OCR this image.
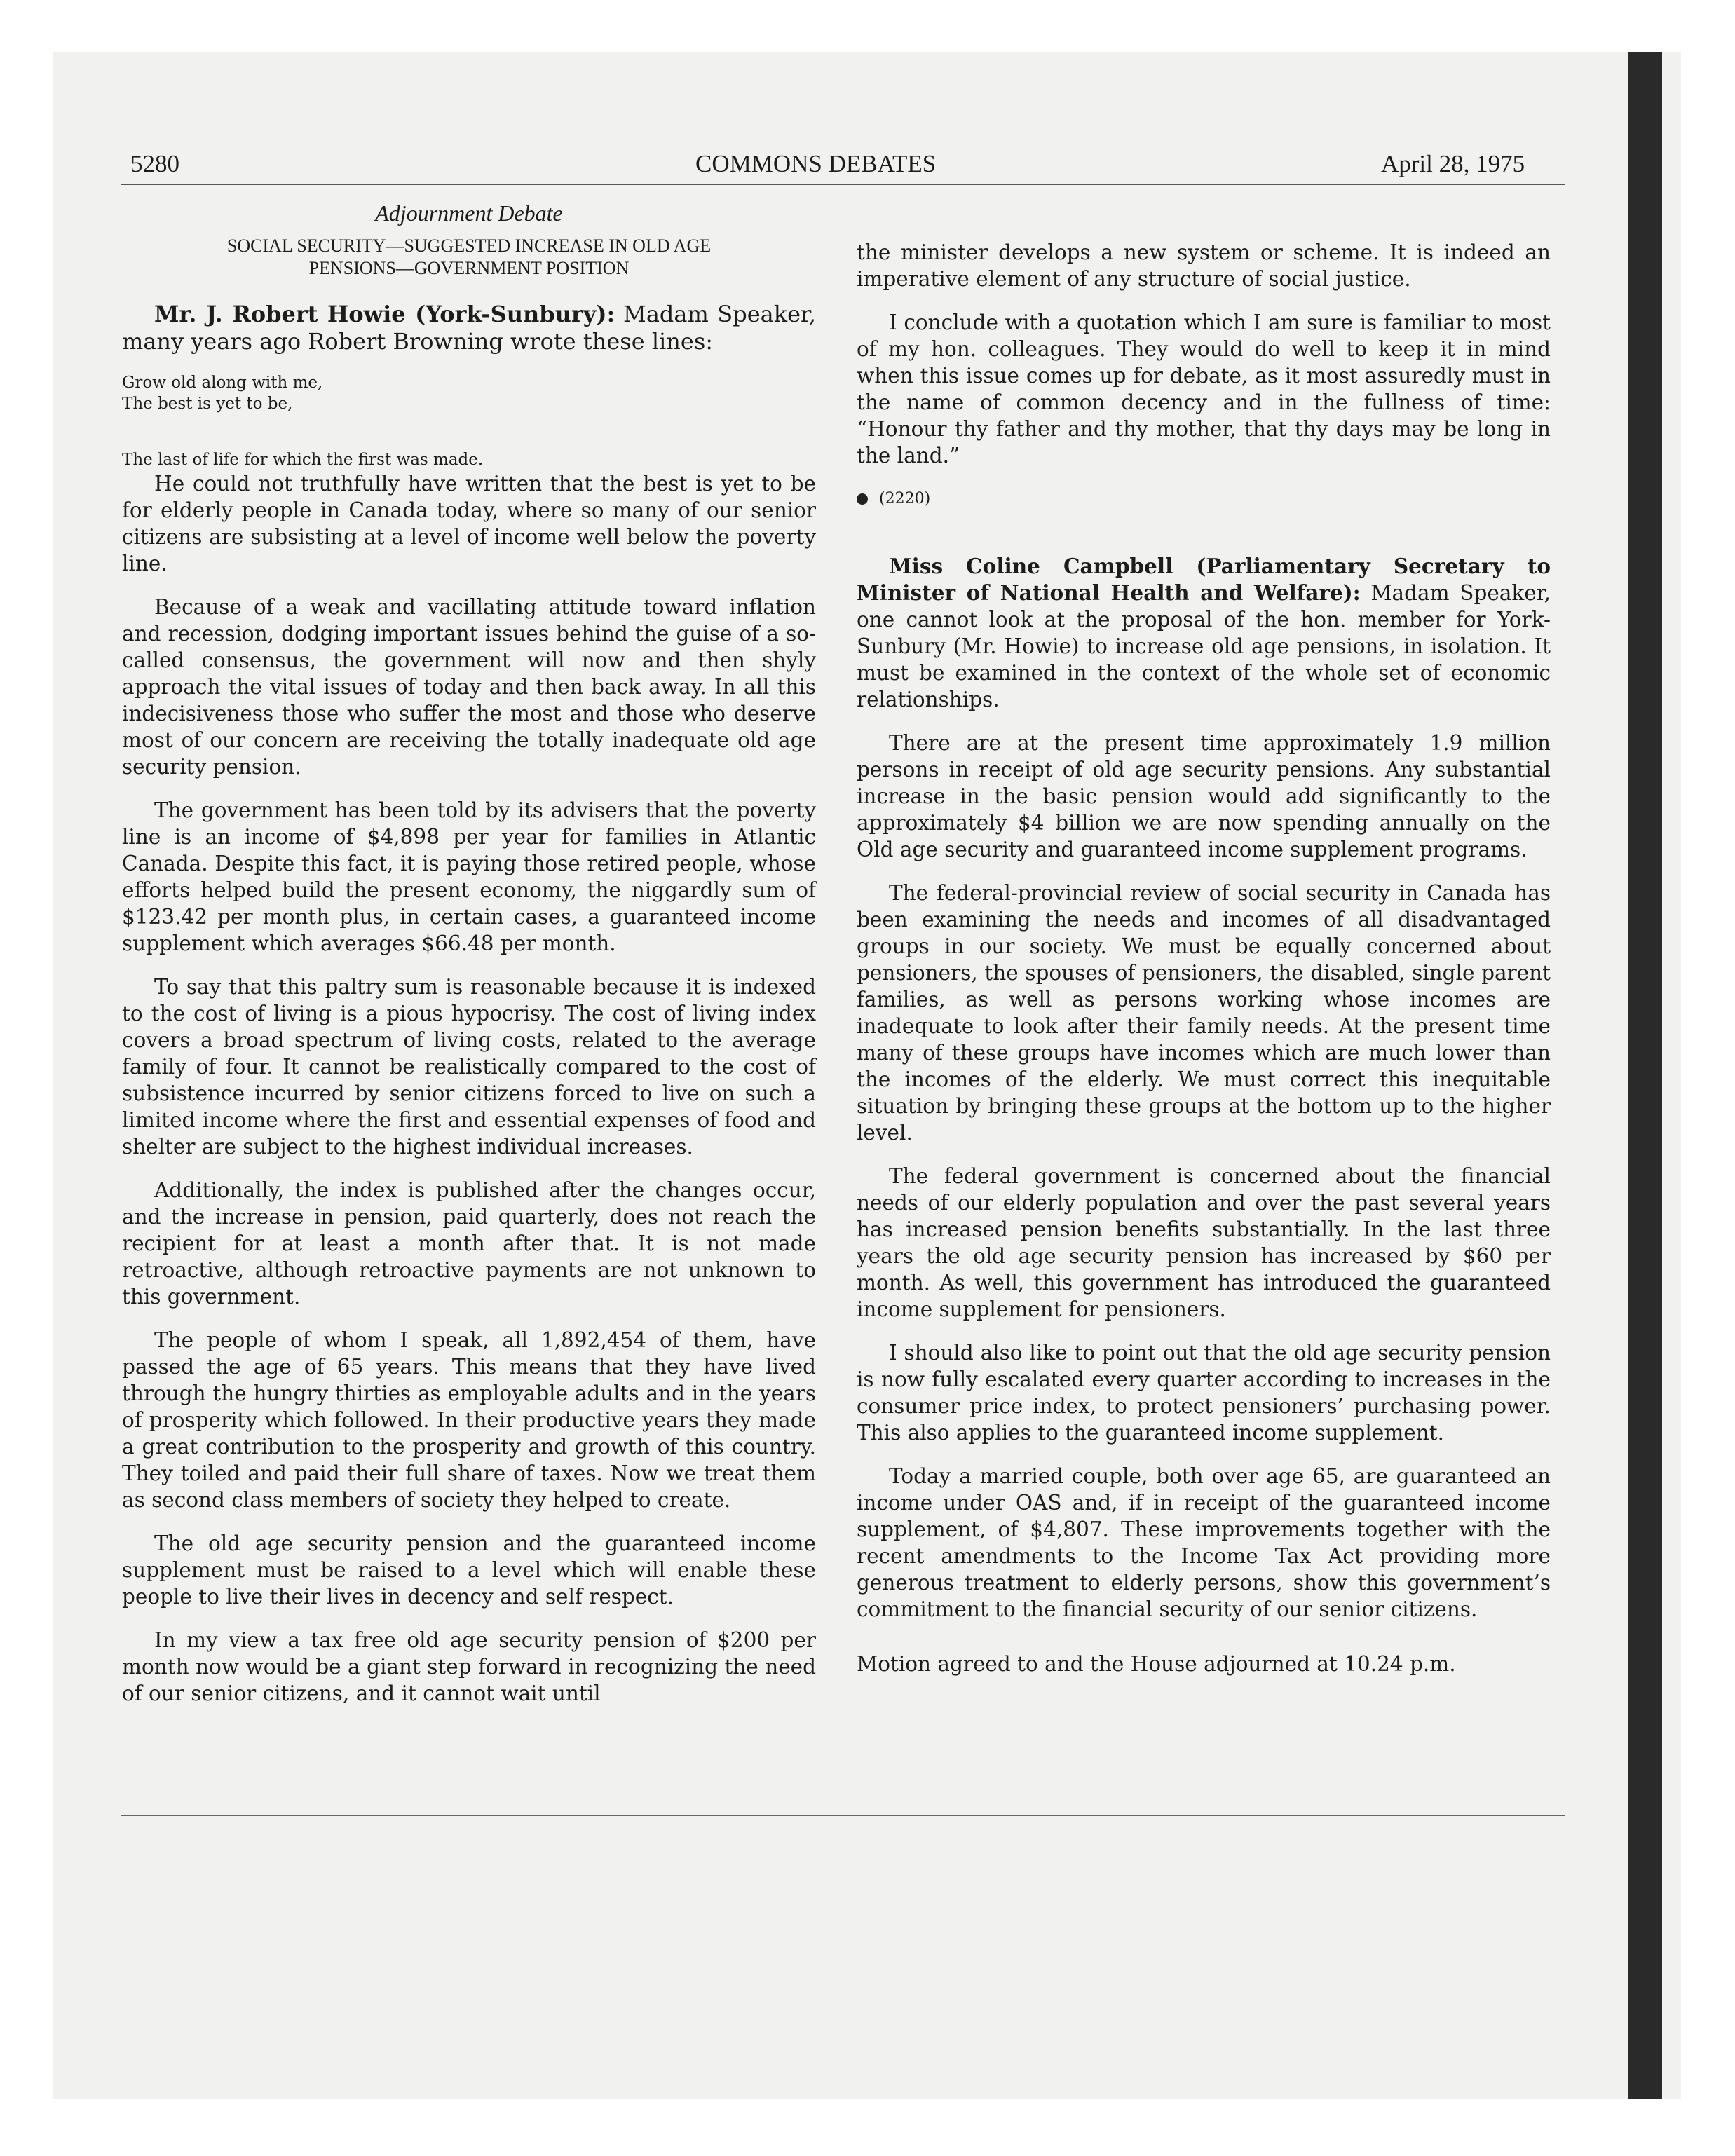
5280	COMMONS DEBATES	April 28, 1975
Adjournment Debate
SOCIAL SECURITY—SUGGESTED INCREASE IN OLD AGE
PENSIONS—GOVERNMENT POSITION

Mr. J. Robert Howie (York-Sunbury): Madam Speaker, many years ago Robert Browning wrote these lines:

Grow old along with me,
The best is yet to be,
The last of life for which the first was made.

He could not truthfully have written that the best is yet to be for elderly people in Canada today, where so many of our senior citizens are subsisting at a level of income well below the poverty line.

Because of a weak and vacillating attitude toward inflation and recession, dodging important issues behind the guise of a so-called consensus, the government will now and then shyly approach the vital issues of today and then back away. In all this indecisiveness those who suffer the most and those who deserve most of our concern are receiving the totally inadequate old age security pension.

The government has been told by its advisers that the poverty line is an income of $4,898 per year for families in Atlantic Canada. Despite this fact, it is paying those retired people, whose efforts helped build the present economy, the niggardly sum of $123.42 per month plus, in certain cases, a guaranteed income supplement which averages $66.48 per month.

To say that this paltry sum is reasonable because it is indexed to the cost of living is a pious hypocrisy. The cost of living index covers a broad spectrum of living costs, related to the average family of four. It cannot be realistically compared to the cost of subsistence incurred by senior citizens forced to live on such a limited income where the first and essential expenses of food and shelter are subject to the highest individual increases.

Additionally, the index is published after the changes occur, and the increase in pension, paid quarterly, does not reach the recipient for at least a month after that. It is not made retroactive, although retroactive payments are not unknown to this government.

The people of whom I speak, all 1,892,454 of them, have passed the age of 65 years. This means that they have lived through the hungry thirties as employable adults and in the years of prosperity which followed. In their productive years they made a great contribution to the prosperity and growth of this country. They toiled and paid their full share of taxes. Now we treat them as second class members of society they helped to create.

The old age security pension and the guaranteed income supplement must be raised to a level which will enable these people to live their lives in decency and self respect.

In my view a tax free old age security pension of $200 per month now would be a giant step forward in recognizing the need of our senior citizens, and it cannot wait until

the minister develops a new system or scheme. It is indeed an imperative element of any structure of social justice.

I conclude with a quotation which I am sure is familiar to most of my hon. colleagues. They would do well to keep it in mind when this issue comes up for debate, as it most assuredly must in the name of common decency and in the fullness of time: “Honour thy father and thy mother, that thy days may be long in the land.”

(2220)

Miss Coline Campbell (Parliamentary Secretary to Minister of National Health and Welfare): Madam Speaker, one cannot look at the proposal of the hon. member for York-Sunbury (Mr. Howie) to increase old age pensions, in isolation. It must be examined in the context of the whole set of economic relationships.

There are at the present time approximately 1.9 million persons in receipt of old age security pensions. Any substantial increase in the basic pension would add significantly to the approximately $4 billion we are now spending annually on the Old age security and guaranteed income supplement programs.

The federal-provincial review of social security in Canada has been examining the needs and incomes of all disadvantaged groups in our society. We must be equally concerned about pensioners, the spouses of pensioners, the disabled, single parent families, as well as persons working whose incomes are inadequate to look after their family needs. At the present time many of these groups have incomes which are much lower than the incomes of the elderly. We must correct this inequitable situation by bringing these groups at the bottom up to the higher level.

The federal government is concerned about the financial needs of our elderly population and over the past several years has increased pension benefits substantially. In the last three years the old age security pension has increased by $60 per month. As well, this government has introduced the guaranteed income supplement for pensioners.

I should also like to point out that the old age security pension is now fully escalated every quarter according to increases in the consumer price index, to protect pensioners’ purchasing power. This also applies to the guaranteed income supplement.

Today a married couple, both over age 65, are guaranteed an income under OAS and, if in receipt of the guaranteed income supplement, of $4,807. These improvements together with the recent amendments to the Income Tax Act providing more generous treatment to elderly persons, show this government’s commitment to the financial security of our senior citizens.

Motion agreed to and the House adjourned at 10.24 p.m.
